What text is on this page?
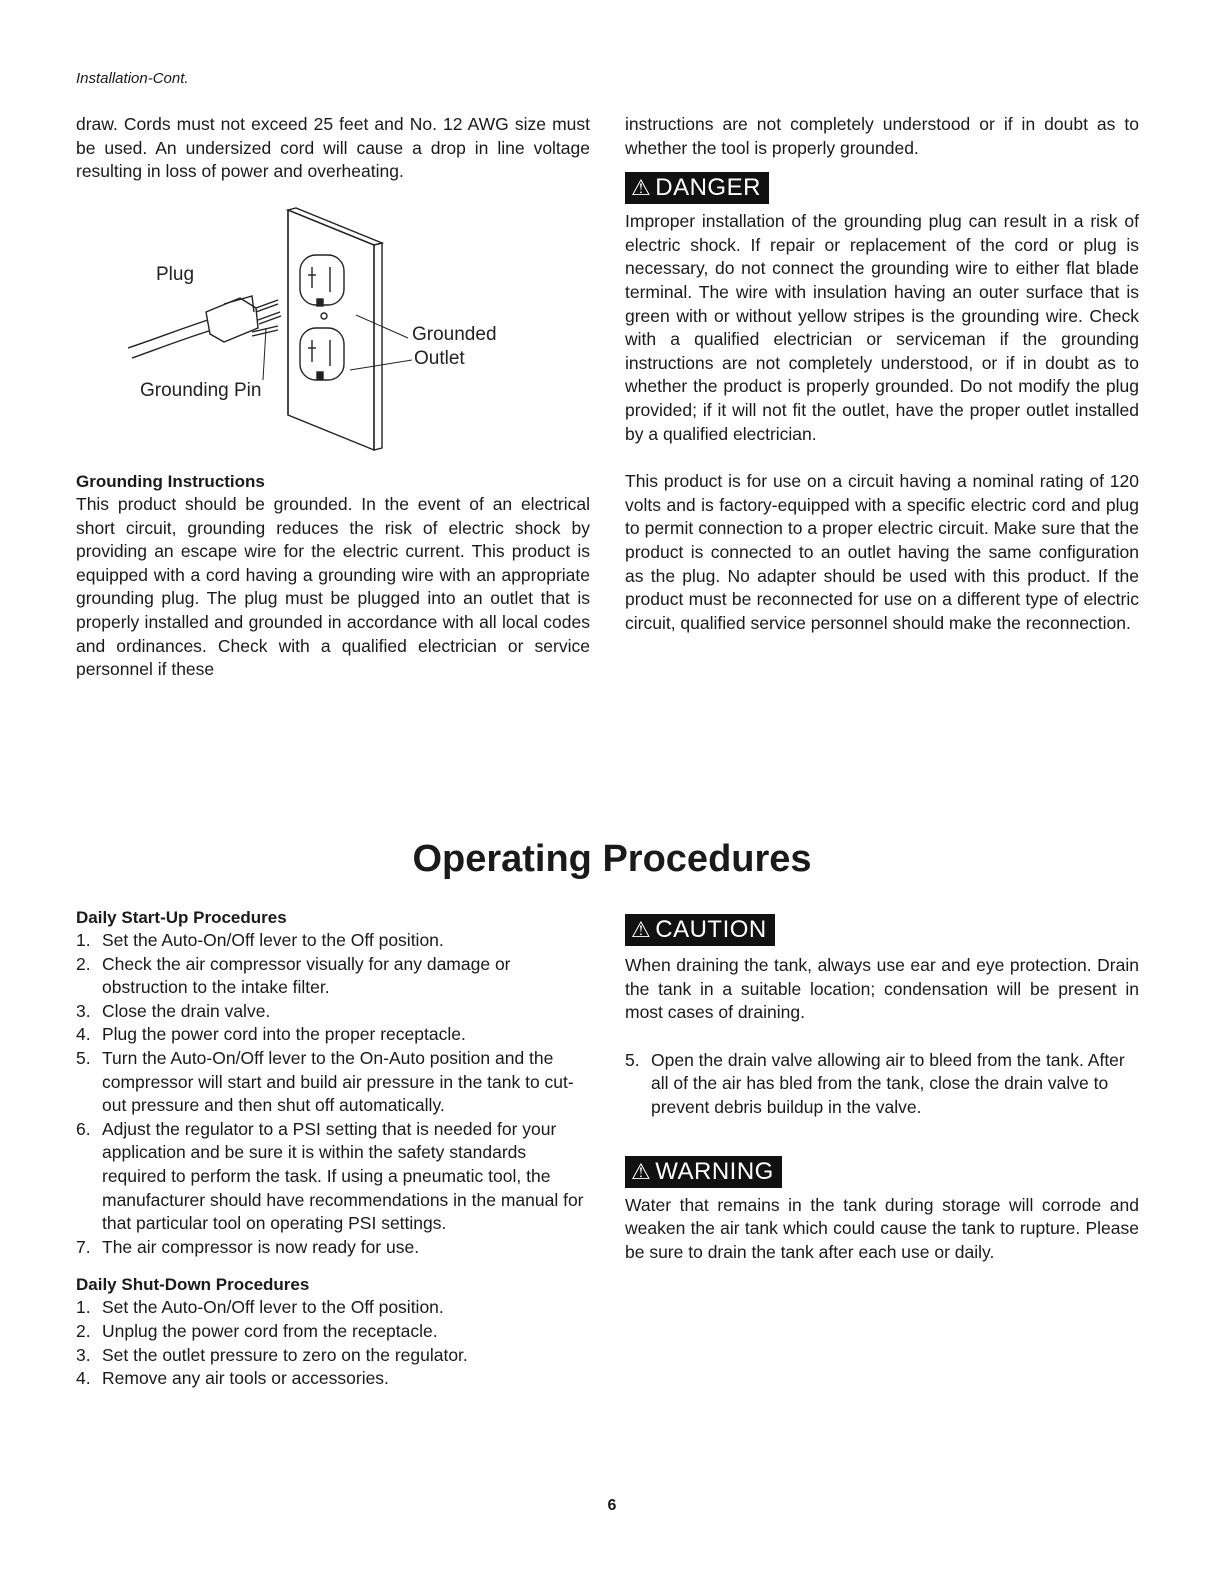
Installation-Cont.

draw. Cords must not exceed 25 feet and No. 12 AWG size must be used. An undersized cord will cause a drop in line voltage resulting in loss of power and overheating.

Plug
Grounding Pin
Grounded
Outlet

Grounding Instructions

This product should be grounded. In the event of an electrical short circuit, grounding reduces the risk of electric shock by providing an escape wire for the electric current. This product is equipped with a cord having a grounding wire with an appropriate grounding plug. The plug must be plugged into an outlet that is properly installed and grounded in accordance with all local codes and ordinances. Check with a qualified electrician or service personnel if these

instructions are not completely understood or if in doubt as to whether the tool is properly grounded.

⚠ DANGER

Improper installation of the grounding plug can result in a risk of electric shock. If repair or replacement of the cord or plug is necessary, do not connect the grounding wire to either flat blade terminal. The wire with insulation having an outer surface that is green with or without yellow stripes is the grounding wire. Check with a qualified electrician or serviceman if the grounding instructions are not completely understood, or if in doubt as to whether the product is properly grounded. Do not modify the plug provided; if it will not fit the outlet, have the proper outlet installed by a qualified electrician.

This product is for use on a circuit having a nominal rating of 120 volts and is factory-equipped with a specific electric cord and plug to permit connection to a proper electric circuit. Make sure that the product is connected to an outlet having the same configuration as the plug. No adapter should be used with this product. If the product must be reconnected for use on a different type of electric circuit, qualified service personnel should make the reconnection.

Operating Procedures

Daily Start-Up Procedures

1. Set the Auto-On/Off lever to the Off position.
2. Check the air compressor visually for any damage or obstruction to the intake filter.
3. Close the drain valve.
4. Plug the power cord into the proper receptacle.
5. Turn the Auto-On/Off lever to the On-Auto position and the compressor will start and build air pressure in the tank to cut-out pressure and then shut off automatically.
6. Adjust the regulator to a PSI setting that is needed for your application and be sure it is within the safety standards required to perform the task. If using a pneumatic tool, the manufacturer should have recommendations in the manual for that particular tool on operating PSI settings.
7. The air compressor is now ready for use.

Daily Shut-Down Procedures

1. Set the Auto-On/Off lever to the Off position.
2. Unplug the power cord from the receptacle.
3. Set the outlet pressure to zero on the regulator.
4. Remove any air tools or accessories.
⚠ CAUTION

When draining the tank, always use ear and eye protection. Drain the tank in a suitable location; condensation will be present in most cases of draining.

5. Open the drain valve allowing air to bleed from the tank. After all of the air has bled from the tank, close the drain valve to prevent debris buildup in the valve.
⚠ WARNING

Water that remains in the tank during storage will corrode and weaken the air tank which could cause the tank to rupture. Please be sure to drain the tank after each use or daily.

6
